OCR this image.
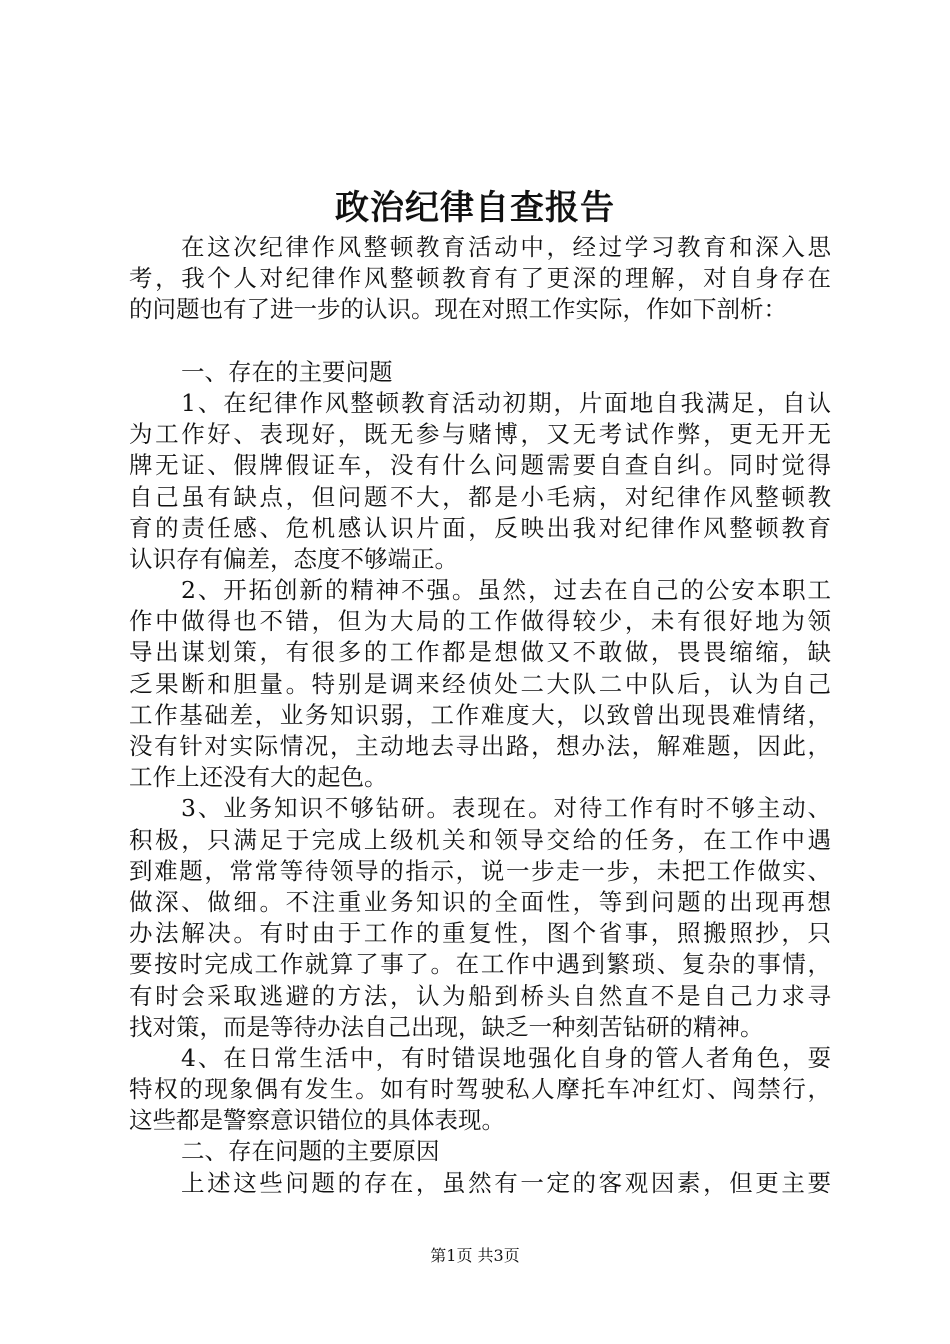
政治纪律自查报告
在这次纪律作风整顿教育活动中，经过学习教育和深入思
考，我个人对纪律作风整顿教育有了更深的理解，对自身存在
的问题也有了进一步的认识。现在对照工作实际，作如下剖析：
一、存在的主要问题
1、在纪律作风整顿教育活动初期，片面地自我满足，自认
为工作好、表现好，既无参与赌博，又无考试作弊，更无开无
牌无证、假牌假证车，没有什么问题需要自查自纠。同时觉得
自己虽有缺点，但问题不大，都是小毛病，对纪律作风整顿教
育的责任感、危机感认识片面，反映出我对纪律作风整顿教育
认识存有偏差，态度不够端正。
2、开拓创新的精神不强。虽然，过去在自己的公安本职工
作中做得也不错，但为大局的工作做得较少，未有很好地为领
导出谋划策，有很多的工作都是想做又不敢做，畏畏缩缩，缺
乏果断和胆量。特别是调来经侦处二大队二中队后，认为自己
工作基础差，业务知识弱，工作难度大，以致曾出现畏难情绪，
没有针对实际情况，主动地去寻出路，想办法，解难题，因此，
工作上还没有大的起色。
3、业务知识不够钻研。表现在。对待工作有时不够主动、
积极，只满足于完成上级机关和领导交给的任务，在工作中遇
到难题，常常等待领导的指示，说一步走一步，未把工作做实、
做深、做细。不注重业务知识的全面性，等到问题的出现再想
办法解决。有时由于工作的重复性，图个省事，照搬照抄，只
要按时完成工作就算了事了。在工作中遇到繁琐、复杂的事情，
有时会采取逃避的方法，认为船到桥头自然直不是自己力求寻
找对策，而是等待办法自己出现，缺乏一种刻苦钻研的精神。
4、在日常生活中，有时错误地强化自身的管人者角色，耍
特权的现象偶有发生。如有时驾驶私人摩托车冲红灯、闯禁行，
这些都是警察意识错位的具体表现。
二、存在问题的主要原因
上述这些问题的存在，虽然有一定的客观因素，但更主要
第1页 共3页
